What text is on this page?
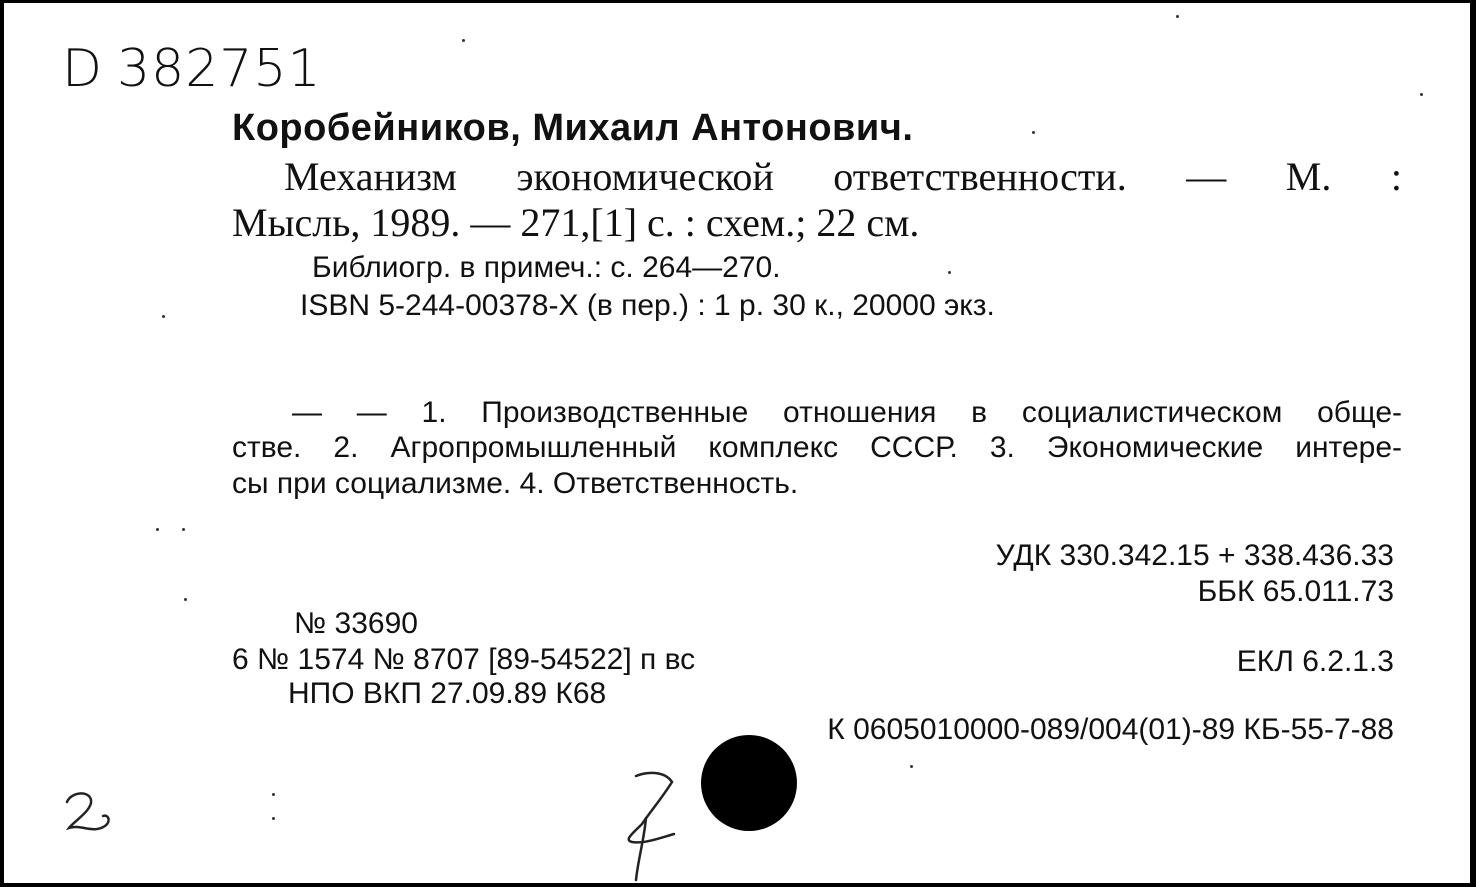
D 382751
Коробейников, Михаил Антонович.
Механизм экономической ответственности. — М. :
Мысль, 1989. — 271,[1] с. : схем.; 22 см.
Библиогр. в примеч.: с. 264—270.
ISBN 5-244-00378-X (в пер.) : 1 р. 30 к., 20000 экз.
— — 1. Производственные отношения в социалистическом обще-
стве. 2. Агропромышленный комплекс СССР. 3. Экономические интере-
сы при социализме. 4. Ответственность.
УДК 330.342.15 + 338.436.33
ББК 65.011.73
№ 33690
6 № 1574 № 8707 [89-54522] п вс
НПО ВКП 27.09.89 К68
ЕКЛ 6.2.1.3
К 0605010000-089/004(01)-89 КБ-55-7-88
